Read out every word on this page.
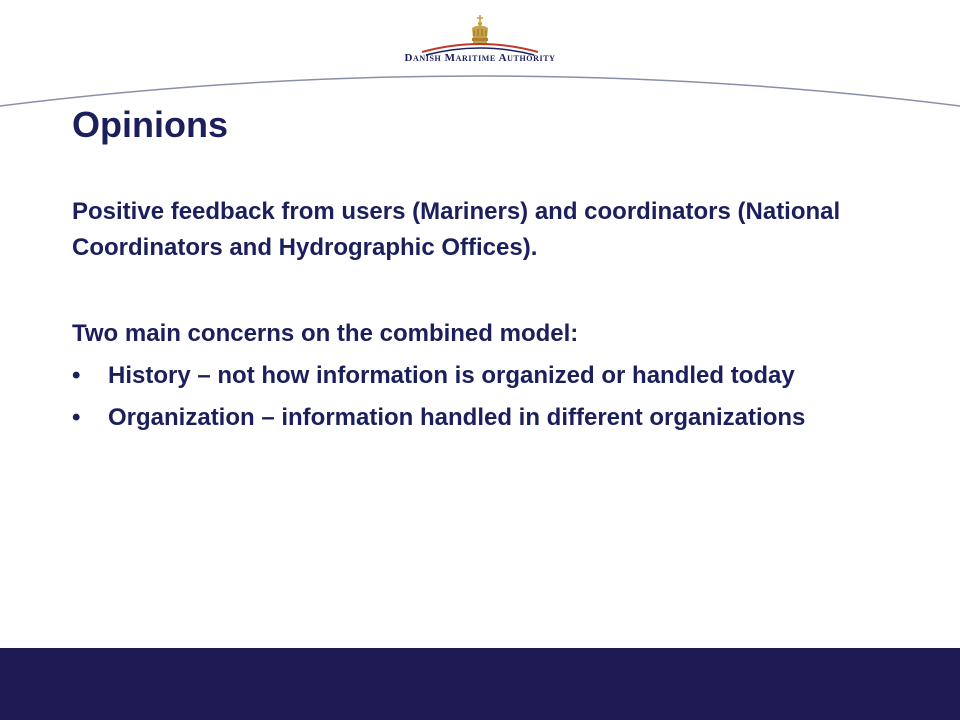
Danish Maritime Authority
Opinions

Positive feedback from users (Mariners) and coordinators (National Coordinators and Hydrographic Offices).

Two main concerns on the combined model:

• History – not how information is organized or handled today
• Organization – information handled in different organizations
